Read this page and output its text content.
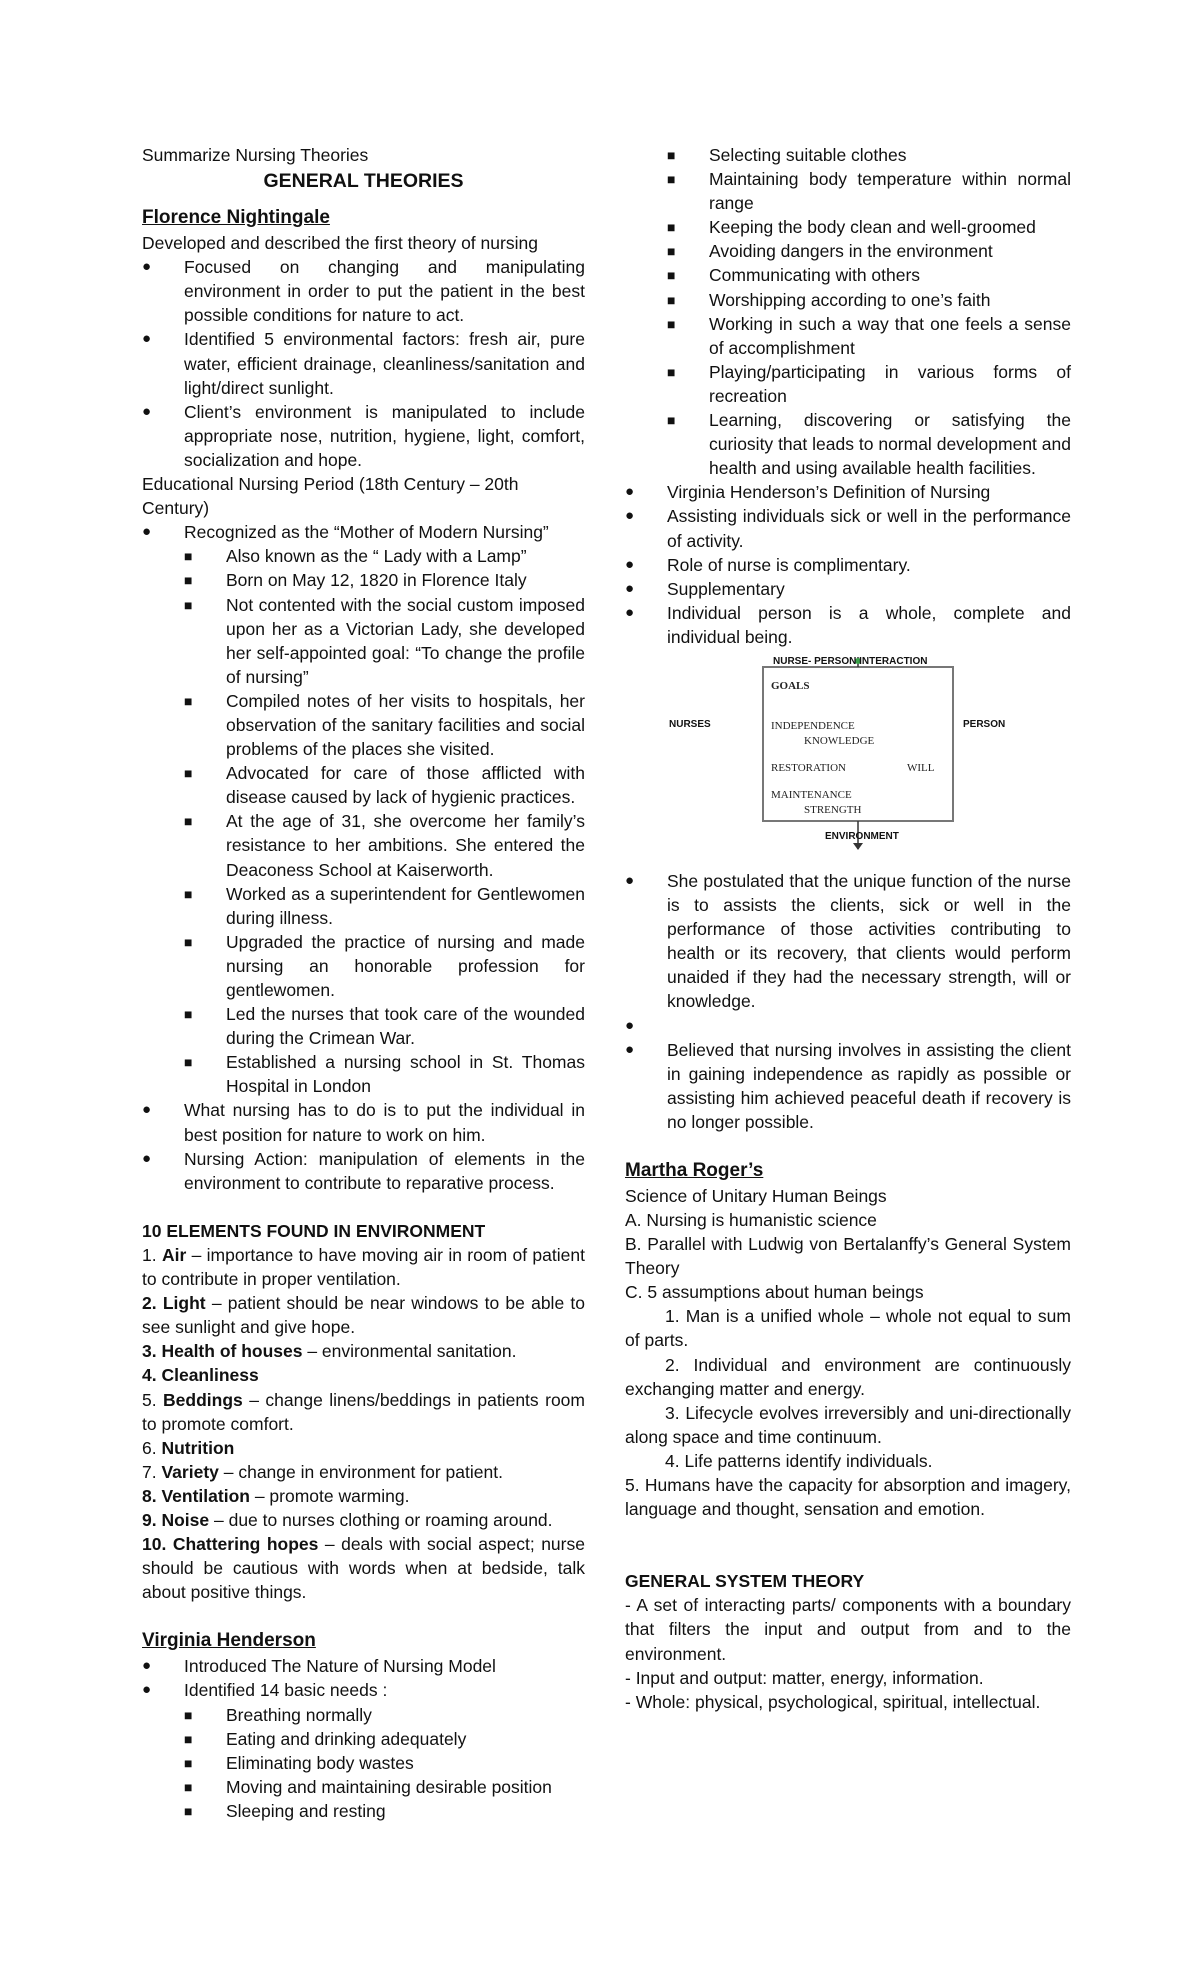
Summarize Nursing Theories

GENERAL THEORIES

Florence Nightingale

Developed and described the first theory of nursing

● Focused on changing and manipulating environment in order to put the patient in the best possible conditions for nature to act.

● Identified 5 environmental factors: fresh air, pure water, efficient drainage, cleanliness/sanitation and light/direct sunlight.

● Client’s environment is manipulated to include appropriate nose, nutrition, hygiene, light, comfort, socialization and hope.

Educational Nursing Period (18th Century – 20th Century)

● Recognized as the “Mother of Modern Nursing”

■ Also known as the “ Lady with a Lamp”

■ Born on May 12, 1820 in Florence Italy

■ Not contented with the social custom imposed upon her as a Victorian Lady, she developed her self-appointed goal: “To change the profile of nursing”

■ Compiled notes of her visits to hospitals, her observation of the sanitary facilities and social problems of the places she visited.

■ Advocated for care of those afflicted with disease caused by lack of hygienic practices.

■ At the age of 31, she overcome her family’s resistance to her ambitions. She entered the Deaconess School at Kaiserworth.

■ Worked as a superintendent for Gentlewomen during illness.

■ Upgraded the practice of nursing and made nursing an honorable profession for gentlewomen.

■ Led the nurses that took care of the wounded during the Crimean War.

■ Established a nursing school in St. Thomas Hospital in London

● What nursing has to do is to put the individual in best position for nature to work on him.

● Nursing Action: manipulation of elements in the environment to contribute to reparative process.

10 ELEMENTS FOUND IN ENVIRONMENT

1. Air – importance to have moving air in room of patient to contribute in proper ventilation.

2. Light – patient should be near windows to be able to see sunlight and give hope.

3. Health of houses – environmental sanitation.

4. Cleanliness

5. Beddings – change linens/beddings in patients room to promote comfort.

6. Nutrition

7. Variety – change in environment for patient.

8. Ventilation – promote warming.

9. Noise – due to nurses clothing or roaming around.

10. Chattering hopes – deals with social aspect; nurse should be cautious with words when at bedside, talk about positive things.

Virginia Henderson

● Introduced The Nature of Nursing Model

● Identified 14 basic needs :

■ Breathing normally

■ Eating and drinking adequately

■ Eliminating body wastes

■ Moving and maintaining desirable position

■ Sleeping and resting

■ Selecting suitable clothes

■ Maintaining body temperature within normal range

■ Keeping the body clean and well-groomed

■ Avoiding dangers in the environment

■ Communicating with others

■ Worshipping according to one’s faith

■ Working in such a way that one feels a sense of accomplishment

■ Playing/participating in various forms of recreation

■ Learning, discovering or satisfying the curiosity that leads to normal development and health and using available health facilities.

● Virginia Henderson’s Definition of Nursing

● Assisting individuals sick or well in the performance of activity.

● Role of nurse is complimentary.

● Supplementary

● Individual person is a whole, complete and individual being.

NURSE- PERSON INTERACTION
NURSES	PERSON
ENVIRONMENT
GOALS
INDEPENDENCE
KNOWLEDGE
RESTORATION	WILL
MAINTENANCE
STRENGTH

● She postulated that the unique function of the nurse is to assists the clients, sick or well in the performance of those activities contributing to health or its recovery, that clients would perform unaided if they had the necessary strength, will or knowledge.

●

● Believed that nursing involves in assisting the client in gaining independence as rapidly as possible or assisting him achieved peaceful death if recovery is no longer possible.

Martha Roger’s

Science of Unitary Human Beings

A. Nursing is humanistic science

B. Parallel with Ludwig von Bertalanffy’s General System Theory

C. 5 assumptions about human beings

1. Man is a unified whole – whole not equal to sum of parts.

2. Individual and environment are continuously exchanging matter and energy.

3. Lifecycle evolves irreversibly and uni-directionally along space and time continuum.

4. Life patterns identify individuals.

5. Humans have the capacity for absorption and imagery, language and thought, sensation and emotion.

GENERAL SYSTEM THEORY

- A set of interacting parts/ components with a boundary that filters the input and output from and to the environment.

- Input and output: matter, energy, information.

- Whole: physical, psychological, spiritual, intellectual.
